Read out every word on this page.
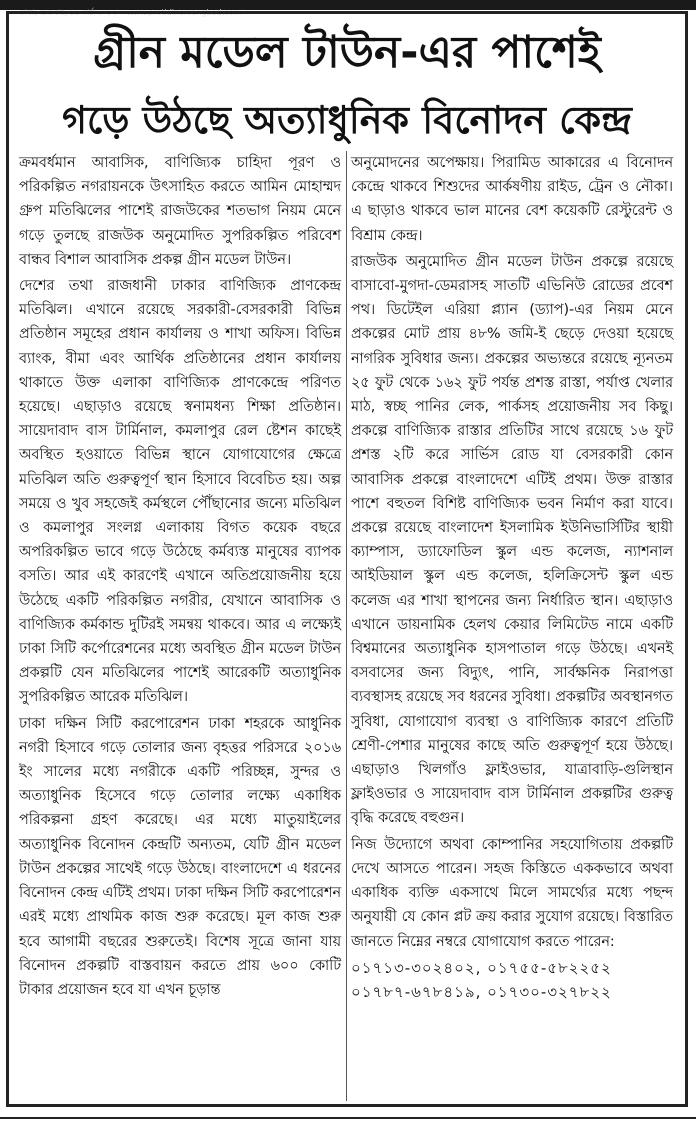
ঢাকা, শুক্রবার, ১১ মার্চ ২০১৬ • www.protidinersangbad.com
গ্রীন মডেল টাউন-এর পাশেই
গড়ে উঠছে অত্যাধুনিক বিনোদন কেন্দ্র

ক্রমবর্ধমান আবাসিক, বাণিজ্যিক চাহিদা পূরণ ও পরিকল্পিত নগরায়নকে উৎসাহিত করতে আমিন মোহাম্মদ গ্রুপ মতিঝিলের পাশেই রাজউকের শতভাগ নিয়ম মেনে গড়ে তুলছে রাজউক অনুমোদিত সুপরিকল্পিত পরিবেশ বান্ধব বিশাল আবাসিক প্রকল্প গ্রীন মডেল টাউন।

দেশের তথা রাজধানী ঢাকার বাণিজ্যিক প্রাণকেন্দ্র মতিঝিল। এখানে রয়েছে সরকারী-বেসরকারী বিভিন্ন প্রতিষ্ঠান সমূহের প্রধান কার্যালয় ও শাখা অফিস। বিভিন্ন ব্যাংক, বীমা এবং আর্থিক প্রতিষ্ঠানের প্রধান কার্যালয় থাকাতে উক্ত এলাকা বাণিজ্যিক প্রাণকেন্দ্রে পরিণত হয়েছে। এছাড়াও রয়েছে স্বনামধন্য শিক্ষা প্রতিষ্ঠান। সায়েদাবাদ বাস টার্মিনাল, কমলাপুর রেল ষ্টেশন কাছেই অবস্থিত হওয়াতে বিভিন্ন স্থানে যোগাযোগের ক্ষেত্রে মতিঝিল অতি গুরুত্বপূর্ণ স্থান হিসাবে বিবেচিত হয়। অল্প সময়ে ও খুব সহজেই কর্মস্থলে পৌঁছানোর জন্যে মতিঝিল ও কমলাপুর সংলগ্ন এলাকায় বিগত কয়েক বছরে অপরিকল্পিত ভাবে গড়ে উঠেছে কর্মব্যস্ত মানুষের ব্যাপক বসতি। আর এই কারণেই এখানে অতিপ্রয়োজনীয় হয়ে উঠেছে একটি পরিকল্পিত নগরীর, যেখানে আবাসিক ও বাণিজ্যিক কর্মকান্ড দুটিরই সমন্বয় থাকবে। আর এ লক্ষ্যেই ঢাকা সিটি কর্পোরেশনের মধ্যে অবস্থিত গ্রীন মডেল টাউন প্রকল্পটি যেন মতিঝিলের পাশেই আরেকটি অত্যাধুনিক সুপরিকল্পিত আরেক মতিঝিল।

ঢাকা দক্ষিন সিটি করপোরেশন ঢাকা শহরকে আধুনিক নগরী হিসাবে গড়ে তোলার জন্য বৃহত্তর পরিসরে ২০১৬ ইং সালের মধ্যে নগরীকে একটি পরিচ্ছন্ন, সুন্দর ও অত্যাধুনিক হিসেবে গড়ে তোলার লক্ষ্যে একাধিক পরিকল্পনা গ্রহণ করেছে। এর মধ্যে মাতুয়াইলের অত্যাধুনিক বিনোদন কেন্দ্রটি অন্যতম, যেটি গ্রীন মডেল টাউন প্রকল্পের সাথেই গড়ে উঠছে। বাংলাদেশে এ ধরনের বিনোদন কেন্দ্র এটিই প্রথম। ঢাকা দক্ষিন সিটি করপোরেশন এরই মধ্যে প্রাথমিক কাজ শুরু করেছে। মূল কাজ শুরু হবে আগামী বছরের শুরুতেই। বিশেষ সূত্রে জানা যায় বিনোদন প্রকল্পটি বাস্তবায়ন করতে প্রায় ৬০০ কোটি টাকার প্রয়োজন হবে যা এখন চূড়ান্ত

অনুমোদনের অপেক্ষায়। পিরামিড আকারের এ বিনোদন কেন্দ্রে থাকবে শিশুদের আর্কষণীয় রাইড, ট্রেন ও নৌকা। এ ছাড়াও থাকবে ভাল মানের বেশ কয়েকটি রেস্টুরেন্ট ও বিশ্রাম কেন্দ্র।

রাজউক অনুমোদিত গ্রীন মডেল টাউন প্রকল্পে রয়েছে বাসাবো-মুগদা-ডেমরাসহ সাতটি এভিনিউ রোডের প্রবেশ পথ। ডিটেইল এরিয়া প্ল্যান (ড্যাপ)-এর নিয়ম মেনে প্রকল্পের মোট প্রায় ৪৮% জমি-ই ছেড়ে দেওয়া হয়েছে নাগরিক সুবিধার জন্য। প্রকল্পের অভ্যন্তরে রয়েছে ন্যূনতম ২৫ ফুট থেকে ১৬২ ফুট পর্যন্ত প্রশস্ত রাস্তা, পর্যাপ্ত খেলার মাঠ, স্বচ্ছ পানির লেক, পার্কসহ প্রয়োজনীয় সব কিছু। প্রকল্পে বাণিজ্যিক রাস্তার প্রতিটির সাথে রয়েছে ১৬ ফুট প্রশস্ত ২টি করে সার্ভিস রোড যা বেসরকারী কোন আবাসিক প্রকল্পে বাংলাদেশে এটিই প্রথম। উক্ত রাস্তার পাশে বহুতল বিশিষ্ট বাণিজ্যিক ভবন নির্মাণ করা যাবে। প্রকল্পে রয়েছে বাংলাদেশ ইসলামিক ইউনিভার্সিটির স্থায়ী ক্যাম্পাস, ড্যাফোডিল স্কুল এন্ড কলেজ, ন্যাশনাল আইডিয়াল স্কুল এন্ড কলেজ, হলিক্রিসেন্ট স্কুল এন্ড কলেজ এর শাখা স্থাপনের জন্য নির্ধারিত স্থান। এছাড়াও এখানে ডায়নামিক হেলথ কেয়ার লিমিটেড নামে একটি বিশ্বমানের অত্যাধুনিক হাসপাতাল গড়ে উঠছে। এখনই বসবাসের জন্য বিদ্যুৎ, পানি, সার্বক্ষনিক নিরাপত্তা ব্যবস্থাসহ রয়েছে সব ধরনের সুবিধা। প্রকল্পটির অবস্থানগত সুবিধা, যোগাযোগ ব্যবস্থা ও বাণিজ্যিক কারণে প্রতিটি শ্রেণী-পেশার মানুষের কাছে অতি গুরুত্বপূর্ণ হয়ে উঠছে। এছাড়াও খিলগাঁও ফ্লাইওভার, যাত্রাবাড়ি-গুলিস্থান ফ্লাইওভার ও সায়েদাবাদ বাস টার্মিনাল প্রকল্পটির গুরুত্ব বৃদ্ধি করেছে বহুগুন।

নিজ উদ্যোগে অথবা কোম্পানির সহযোগিতায় প্রকল্পটি দেখে আসতে পারেন। সহজ কিস্তিতে এককভাবে অথবা একাধিক ব্যক্তি একসাথে মিলে সামর্থ্যের মধ্যে পছন্দ অনুযায়ী যে কোন প্লট ক্রয় করার সুযোগ রয়েছে। বিস্তারিত জানতে নিম্নের নম্বরে যোগাযোগ করতে পারেন:

০১৭১৩-৩০২৪০২, ০১৭৫৫-৫৮২২৫২
০১৭৮৭-৬৭৮৪১৯, ০১৭৩০-৩২৭৮২২
